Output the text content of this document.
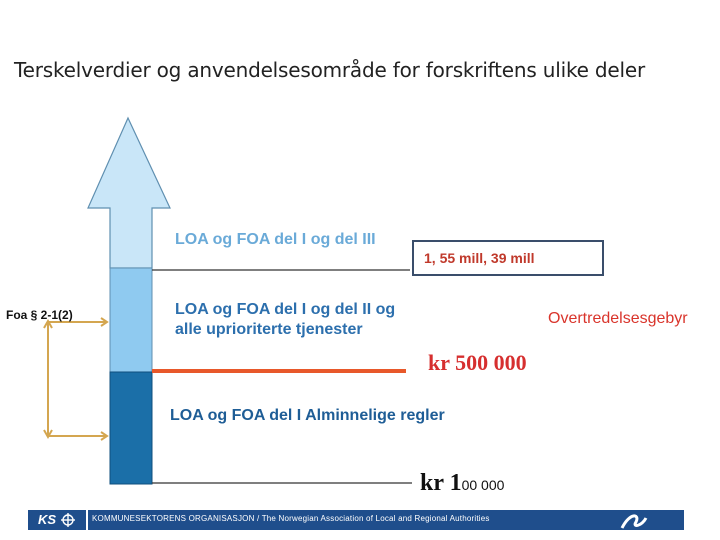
Terskelverdier og anvendelsesområde for forskriftens ulike deler
LOA og FOA del I og del III
1, 55 mill, 39 mill
LOA og FOA del I og del II og
alle uprioriterte tjenester
Foa § 2-1(2)	Overtredelsesgebyr
kr 500 000
LOA og FOA del I Alminnelige regler
kr 100 000
KS	KOMMUNESEKTORENS ORGANISASJON / The Norwegian Association of Local and Regional Authorities
